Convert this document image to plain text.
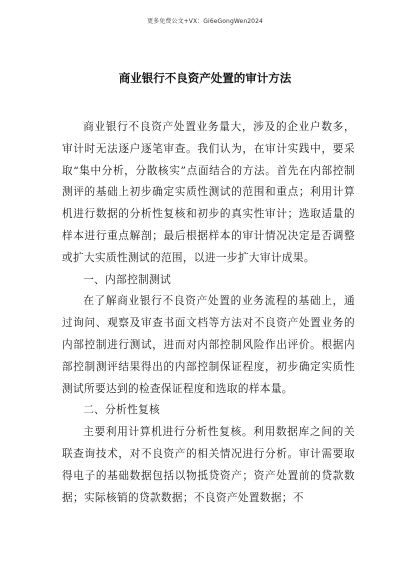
更多免费公文+VX：Gi6eGongWen2024
商业银行不良资产处置的审计方法

商业银行不良资产处置业务量大，涉及的企业户数多，审计时无法逐户逐笔审查。我们认为，在审计实践中，要采取“集中分析，分散核实”点面结合的方法。首先在内部控制测评的基础上初步确定实质性测试的范围和重点；利用计算机进行数据的分析性复核和初步的真实性审计；选取适量的样本进行重点解剖；最后根据样本的审计情况决定是否调整或扩大实质性测试的范围，以进一步扩大审计成果。

一、内部控制测试

在了解商业银行不良资产处置的业务流程的基础上，通过询问、观察及审查书面文档等方法对不良资产处置业务的内部控制进行测试，进而对内部控制风险作出评价。根据内部控制测评结果得出的内部控制保证程度，初步确定实质性测试所要达到的检查保证程度和选取的样本量。

二、分析性复核

主要利用计算机进行分析性复核。利用数据库之间的关联查询技术，对不良资产的相关情况进行分析。审计需要取得电子的基础数据包括以物抵贷资产；资产处置前的贷款数据；实际核销的贷款数据；不良资产处置数据；不
